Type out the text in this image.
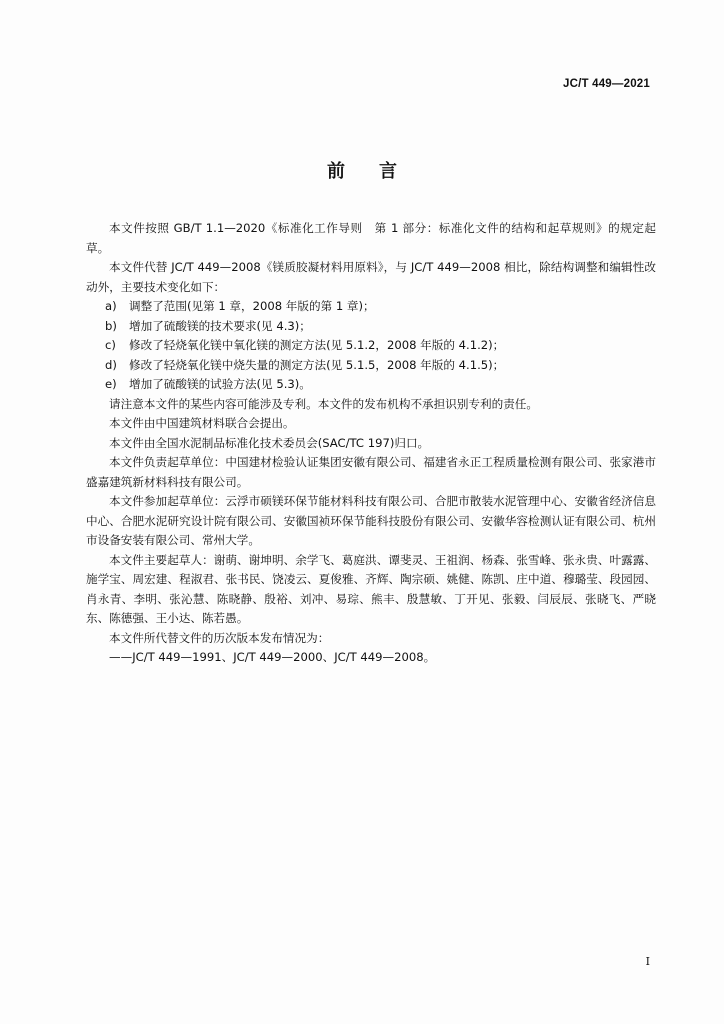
JC/T 449—2021
前言

本文件按照 GB/T 1.1—2020《标准化工作导则　第 1 部分：标准化文件的结构和起草规则》的规定起草。

本文件代替 JC/T 449—2008《镁质胶凝材料用原料》，与 JC/T 449—2008 相比，除结构调整和编辑性改动外，主要技术变化如下：

a) 调整了范围(见第 1 章，2008 年版的第 1 章)；
b) 增加了硫酸镁的技术要求(见 4.3)；
c) 修改了轻烧氧化镁中氧化镁的测定方法(见 5.1.2，2008 年版的 4.1.2)；
d) 修改了轻烧氧化镁中烧失量的测定方法(见 5.1.5，2008 年版的 4.1.5)；
e) 增加了硫酸镁的试验方法(见 5.3)。

请注意本文件的某些内容可能涉及专利。本文件的发布机构不承担识别专利的责任。

本文件由中国建筑材料联合会提出。

本文件由全国水泥制品标准化技术委员会(SAC/TC 197)归口。

本文件负责起草单位：中国建材检验认证集团安徽有限公司、福建省永正工程质量检测有限公司、张家港市盛嘉建筑新材料科技有限公司。

本文件参加起草单位：云浮市硕镁环保节能材料科技有限公司、合肥市散装水泥管理中心、安徽省经济信息中心、合肥水泥研究设计院有限公司、安徽国祯环保节能科技股份有限公司、安徽华容检测认证有限公司、杭州市设备安装有限公司、常州大学。

本文件主要起草人：谢萌、谢坤明、余学飞、葛庭洪、谭斐灵、王祖润、杨森、张雪峰、张永贵、叶露露、施学宝、周宏建、程淑君、张书民、饶凌云、夏俊雅、齐辉、陶宗硕、姚健、陈凯、庄中道、穆璐莹、段园园、肖永青、李明、张沁慧、陈晓静、殷裕、刘冲、易琮、熊丰、殷慧敏、丁开见、张毅、闫辰辰、张晓飞、严晓东、陈德强、王小达、陈若愚。

本文件所代替文件的历次版本发布情况为：

——JC/T 449—1991、JC/T 449—2000、JC/T 449—2008。

I
